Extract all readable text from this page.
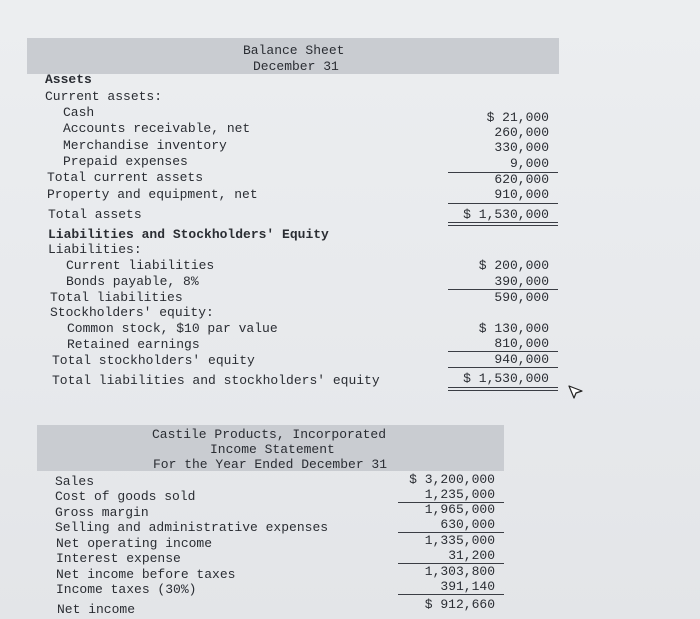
Balance Sheet
December 31
Assets
Current assets:
Cash	$ 21,000
Accounts receivable, net	260,000
Merchandise inventory	330,000
Prepaid expenses	9,000
Total current assets	620,000
Property and equipment, net	910,000
Total assets	$ 1,530,000
Liabilities and Stockholders' Equity
Liabilities:
Current liabilities	$ 200,000
Bonds payable, 8%	390,000
Total liabilities	590,000
Stockholders' equity:
Common stock, $10 par value	$ 130,000
Retained earnings	810,000
Total stockholders' equity	940,000
Total liabilities and stockholders' equity	$ 1,530,000
Castile Products, Incorporated
Income Statement
For the Year Ended December 31
Sales	$ 3,200,000
Cost of goods sold	1,235,000
Gross margin	1,965,000
Selling and administrative expenses	630,000
Net operating income	1,335,000
Interest expense	31,200
Net income before taxes	1,303,800
Income taxes (30%)	391,140
Net income	$ 912,660
